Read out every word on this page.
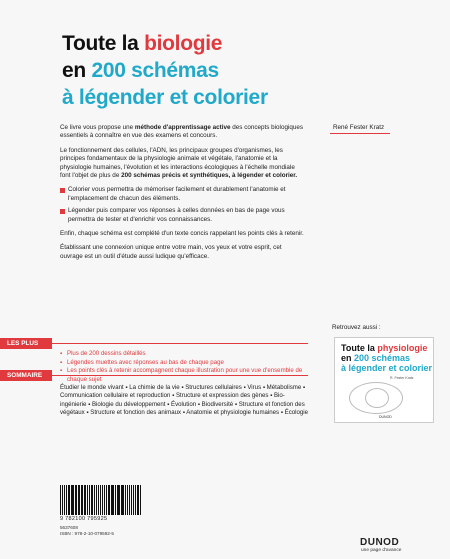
Toute la biologie
en 200 schémas
à légender et colorier
René Fester Kratz

Ce livre vous propose une méthode d'apprentissage active des concepts biologiques essentiels à connaître en vue des examens et concours.

Le fonctionnement des cellules, l'ADN, les principaux groupes d'organismes, les principes fondamentaux de la physiologie animale et végétale, l'anatomie et la physiologie humaines, l'évolution et les interactions écologiques à l'échelle mondiale font l'objet de plus de 200 schémas précis et synthétiques, à légender et colorier.

Colorier vous permettra de mémoriser facilement et durablement l'anatomie et l'emplacement de chacun des éléments.

Légender puis comparer vos réponses à celles données en bas de page vous permettra de tester et d'enrichir vos connaissances.

Enfin, chaque schéma est complété d'un texte concis rappelant les points clés à retenir.

Établissant une connexion unique entre votre main, vos yeux et votre esprit, cet ouvrage est un outil d'étude aussi ludique qu'efficace.

LES PLUS
▪ Plus de 200 dessins détaillés
▪ Légendes muettes avec réponses au bas de chaque page
▪ Les points clés à retenir accompagnent chaque illustration pour une vue d'ensemble de chaque sujet
SOMMAIRE
Étudier le monde vivant ▪ La chimie de la vie ▪ Structures cellulaires ▪ Virus ▪ Métabolisme ▪ Communication cellulaire et reproduction ▪ Structure et expression des gènes ▪ Bio-ingénierie ▪ Biologie du développement ▪ Évolution ▪ Biodiversité ▪ Structure et fonction des végétaux ▪ Structure et fonction des animaux ▪ Anatomie et physiologie humaines ▪ Écologie
Retrouvez aussi :
Toute la physiologie
en 200 schémas
à légender et colorier
R. Fester Kratz
DUNOD
9 782100 795925
5637608
ISBN : 978-2-10-079592-5
DUNOD
une page d'avance
